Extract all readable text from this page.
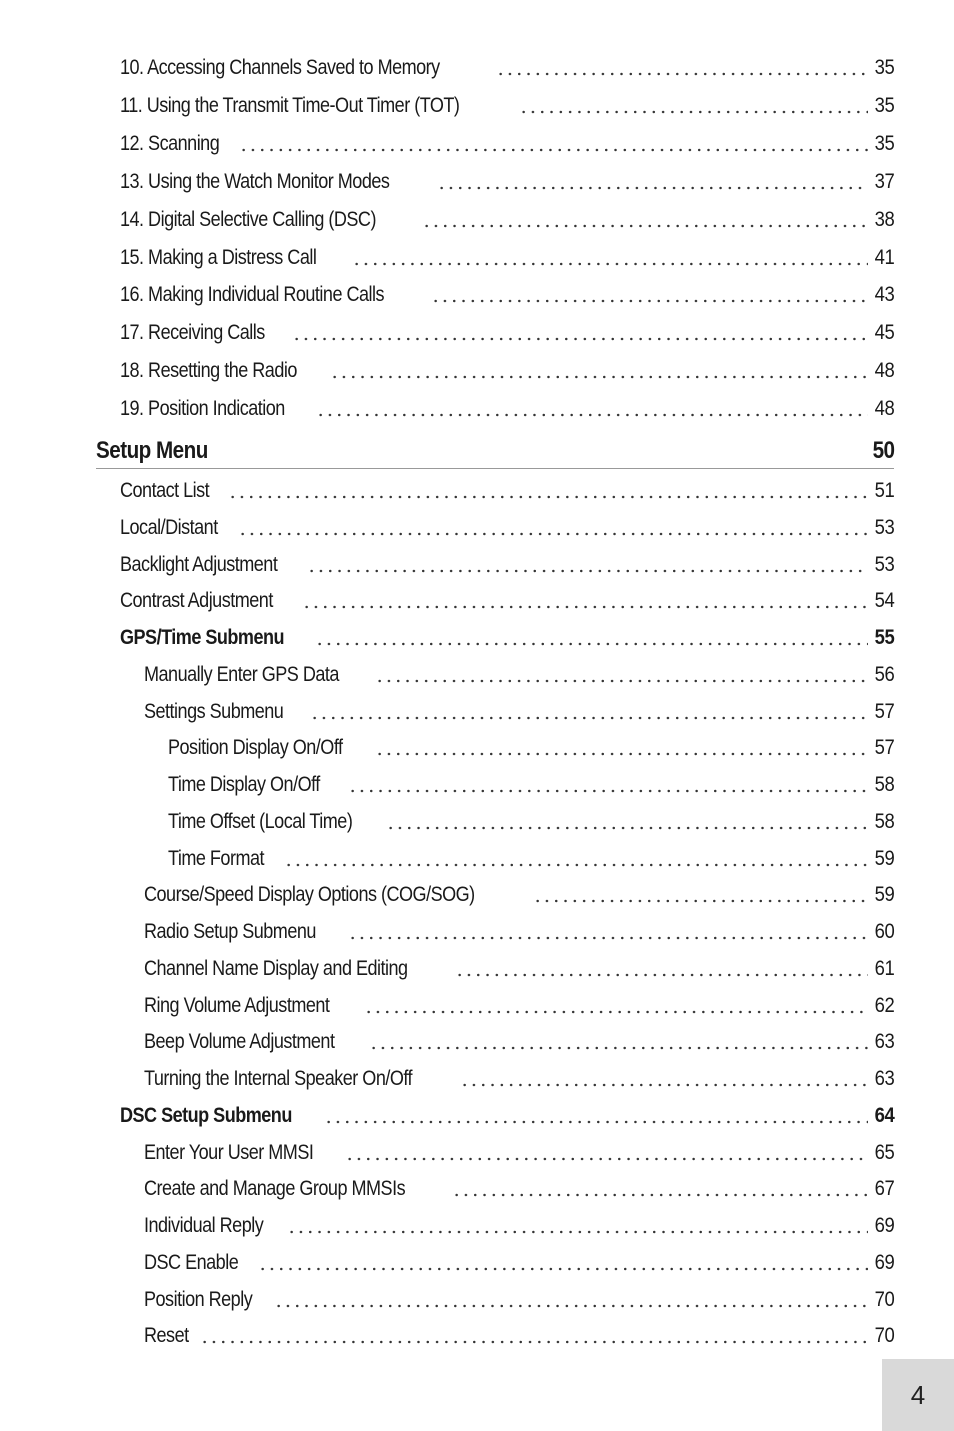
10. Accessing Channels Saved to Memory	35
11. Using the Transmit Time-Out Timer (TOT)	35
12. Scanning	35
13. Using the Watch Monitor Modes	37
14. Digital Selective Calling (DSC)	38
15. Making a Distress Call	41
16. Making Individual Routine Calls	43
17. Receiving Calls	45
18. Resetting the Radio	48
19. Position Indication	48
Setup Menu	50
Contact List	51
Local/Distant	53
Backlight Adjustment	53
Contrast Adjustment	54
GPS/Time Submenu	55
Manually Enter GPS Data	56
Settings Submenu	57
Position Display On/Off	57
Time Display On/Off	58
Time Offset (Local Time)	58
Time Format	59
Course/Speed Display Options (COG/SOG)	59
Radio Setup Submenu	60
Channel Name Display and Editing	61
Ring Volume Adjustment	62
Beep Volume Adjustment	63
Turning the Internal Speaker On/Off	63
DSC Setup Submenu	64
Enter Your User MMSI	65
Create and Manage Group MMSIs	67
Individual Reply	69
DSC Enable	69
Position Reply	70
Reset	70
4
